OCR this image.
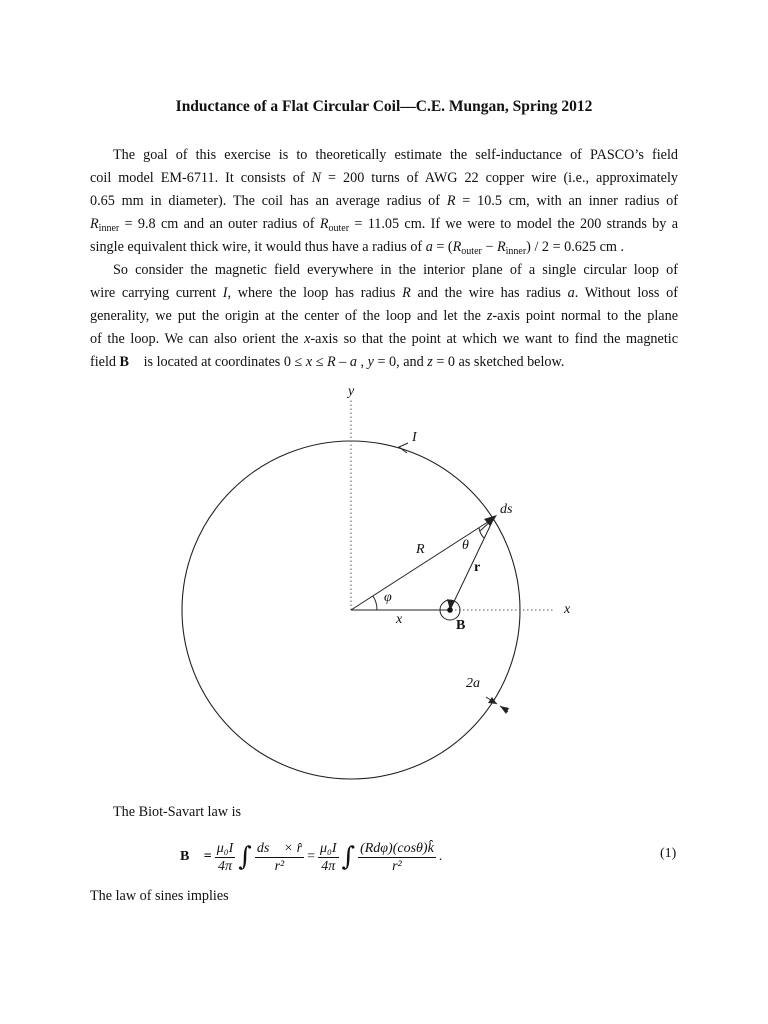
Inductance of a Flat Circular Coil—C.E. Mungan, Spring 2012
The goal of this exercise is to theoretically estimate the self-inductance of PASCO’s field
coil model EM-6711. It consists of N = 200 turns of AWG 22 copper wire (i.e., approximately
0.65 mm in diameter). The coil has an average radius of R = 10.5 cm, with an inner radius of
$R_{inner} = 9.8$ cm and an outer radius of $R_{outer} = 11.05$ cm. If we were to model the 200 strands by a
single equivalent thick wire, it would thus have a radius of $a = (R_{outer} - R_{inner}) / 2 = 0.625$ cm .
So consider the magnetic field everywhere in the interior plane of a single circular loop of
wire carrying current I, where the loop has radius R and the wire has radius a. Without loss of
generality, we put the origin at the center of the loop and let the z-axis point normal to the plane
of the loop. We can also orient the x-axis so that the point at which we want to find the magnetic
field B⃗ is located at coordinates 0 ≤ x ≤ R – a , y = 0, and z = 0 as sketched below.
y
x
I
ds⃗
θ
R
r⃗
φ
x	B⃗
2a
The Biot-Savart law is
B⃗ = $\frac{\text{μ₀I}}{4\pi}$ ∫ $\frac{ds⃗ \times r̂}{\text{r²}} = \frac{\text{μ₀I}}{4\pi}$ ∫ $\frac{\text{(Rdφ)(cosθ)k̂}}{\text{r²}}$ .	(1)
The law of sines implies
